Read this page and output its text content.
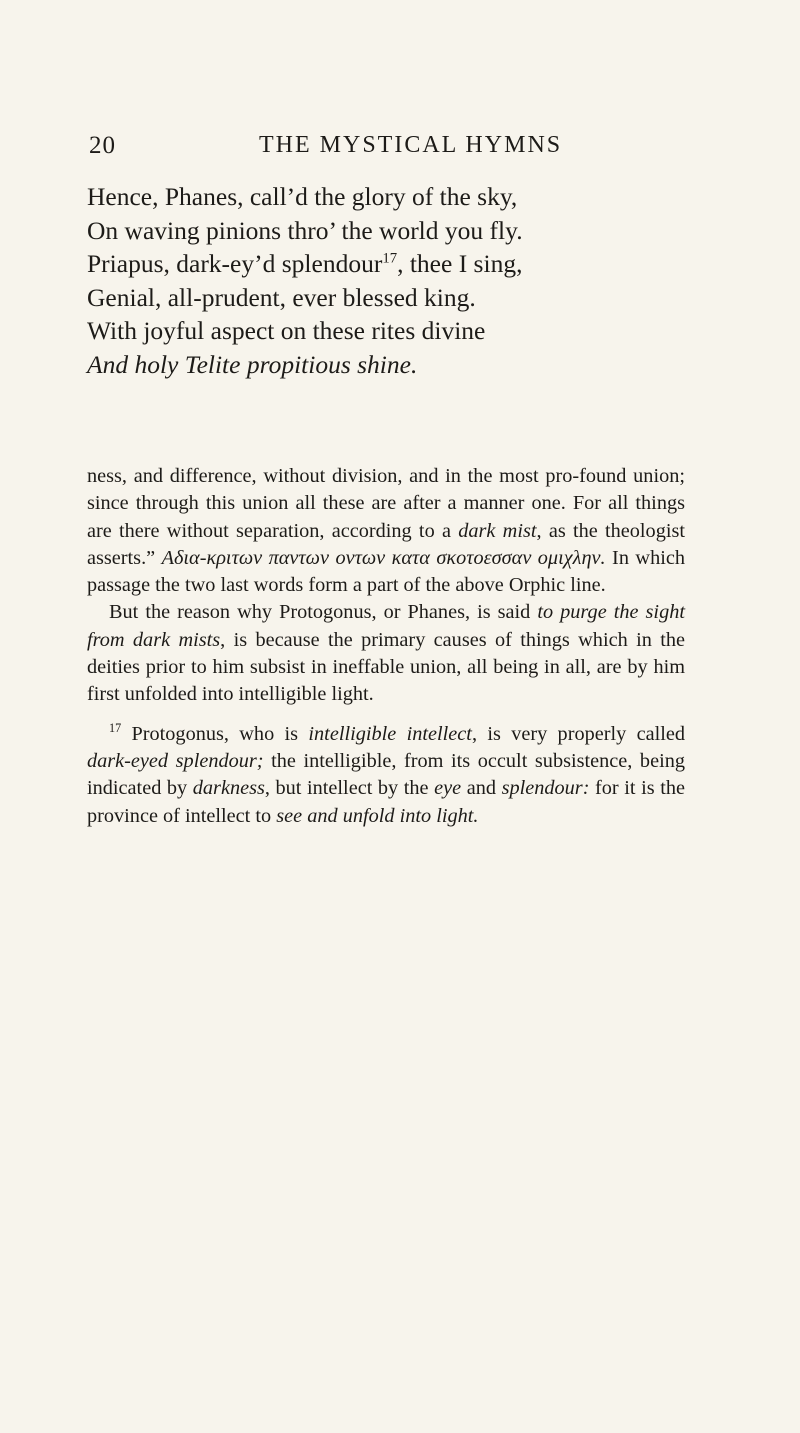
20	THE MYSTICAL HYMNS
Hence, Phanes, call’d the glory of the sky,
On waving pinions thro’ the world you fly.
Priapus, dark-ey’d splendour$^{17}$, thee I sing,
Genial, all-prudent, ever blessed king.
With joyful aspect on these rites divine
And holy Telite propitious shine.

ness, and difference, without division, and in the most pro-found union; since through this union all these are after a manner one. For all things are there without separation, according to a dark mist, as the theologist asserts.” Αδια-κριτων παντων οντων κατα σκοτοεσσαν ομιχλην. In which passage the two last words form a part of the above Orphic line.

But the reason why Protogonus, or Phanes, is said to purge the sight from dark mists, is because the primary causes of things which in the deities prior to him subsist in ineffable union, all being in all, are by him first unfolded into intelligible light.

$^{17}$ Protogonus, who is intelligible intellect, is very properly called dark-eyed splendour; the intelligible, from its occult subsistence, being indicated by darkness, but intellect by the eye and splendour: for it is the province of intellect to see and unfold into light.
